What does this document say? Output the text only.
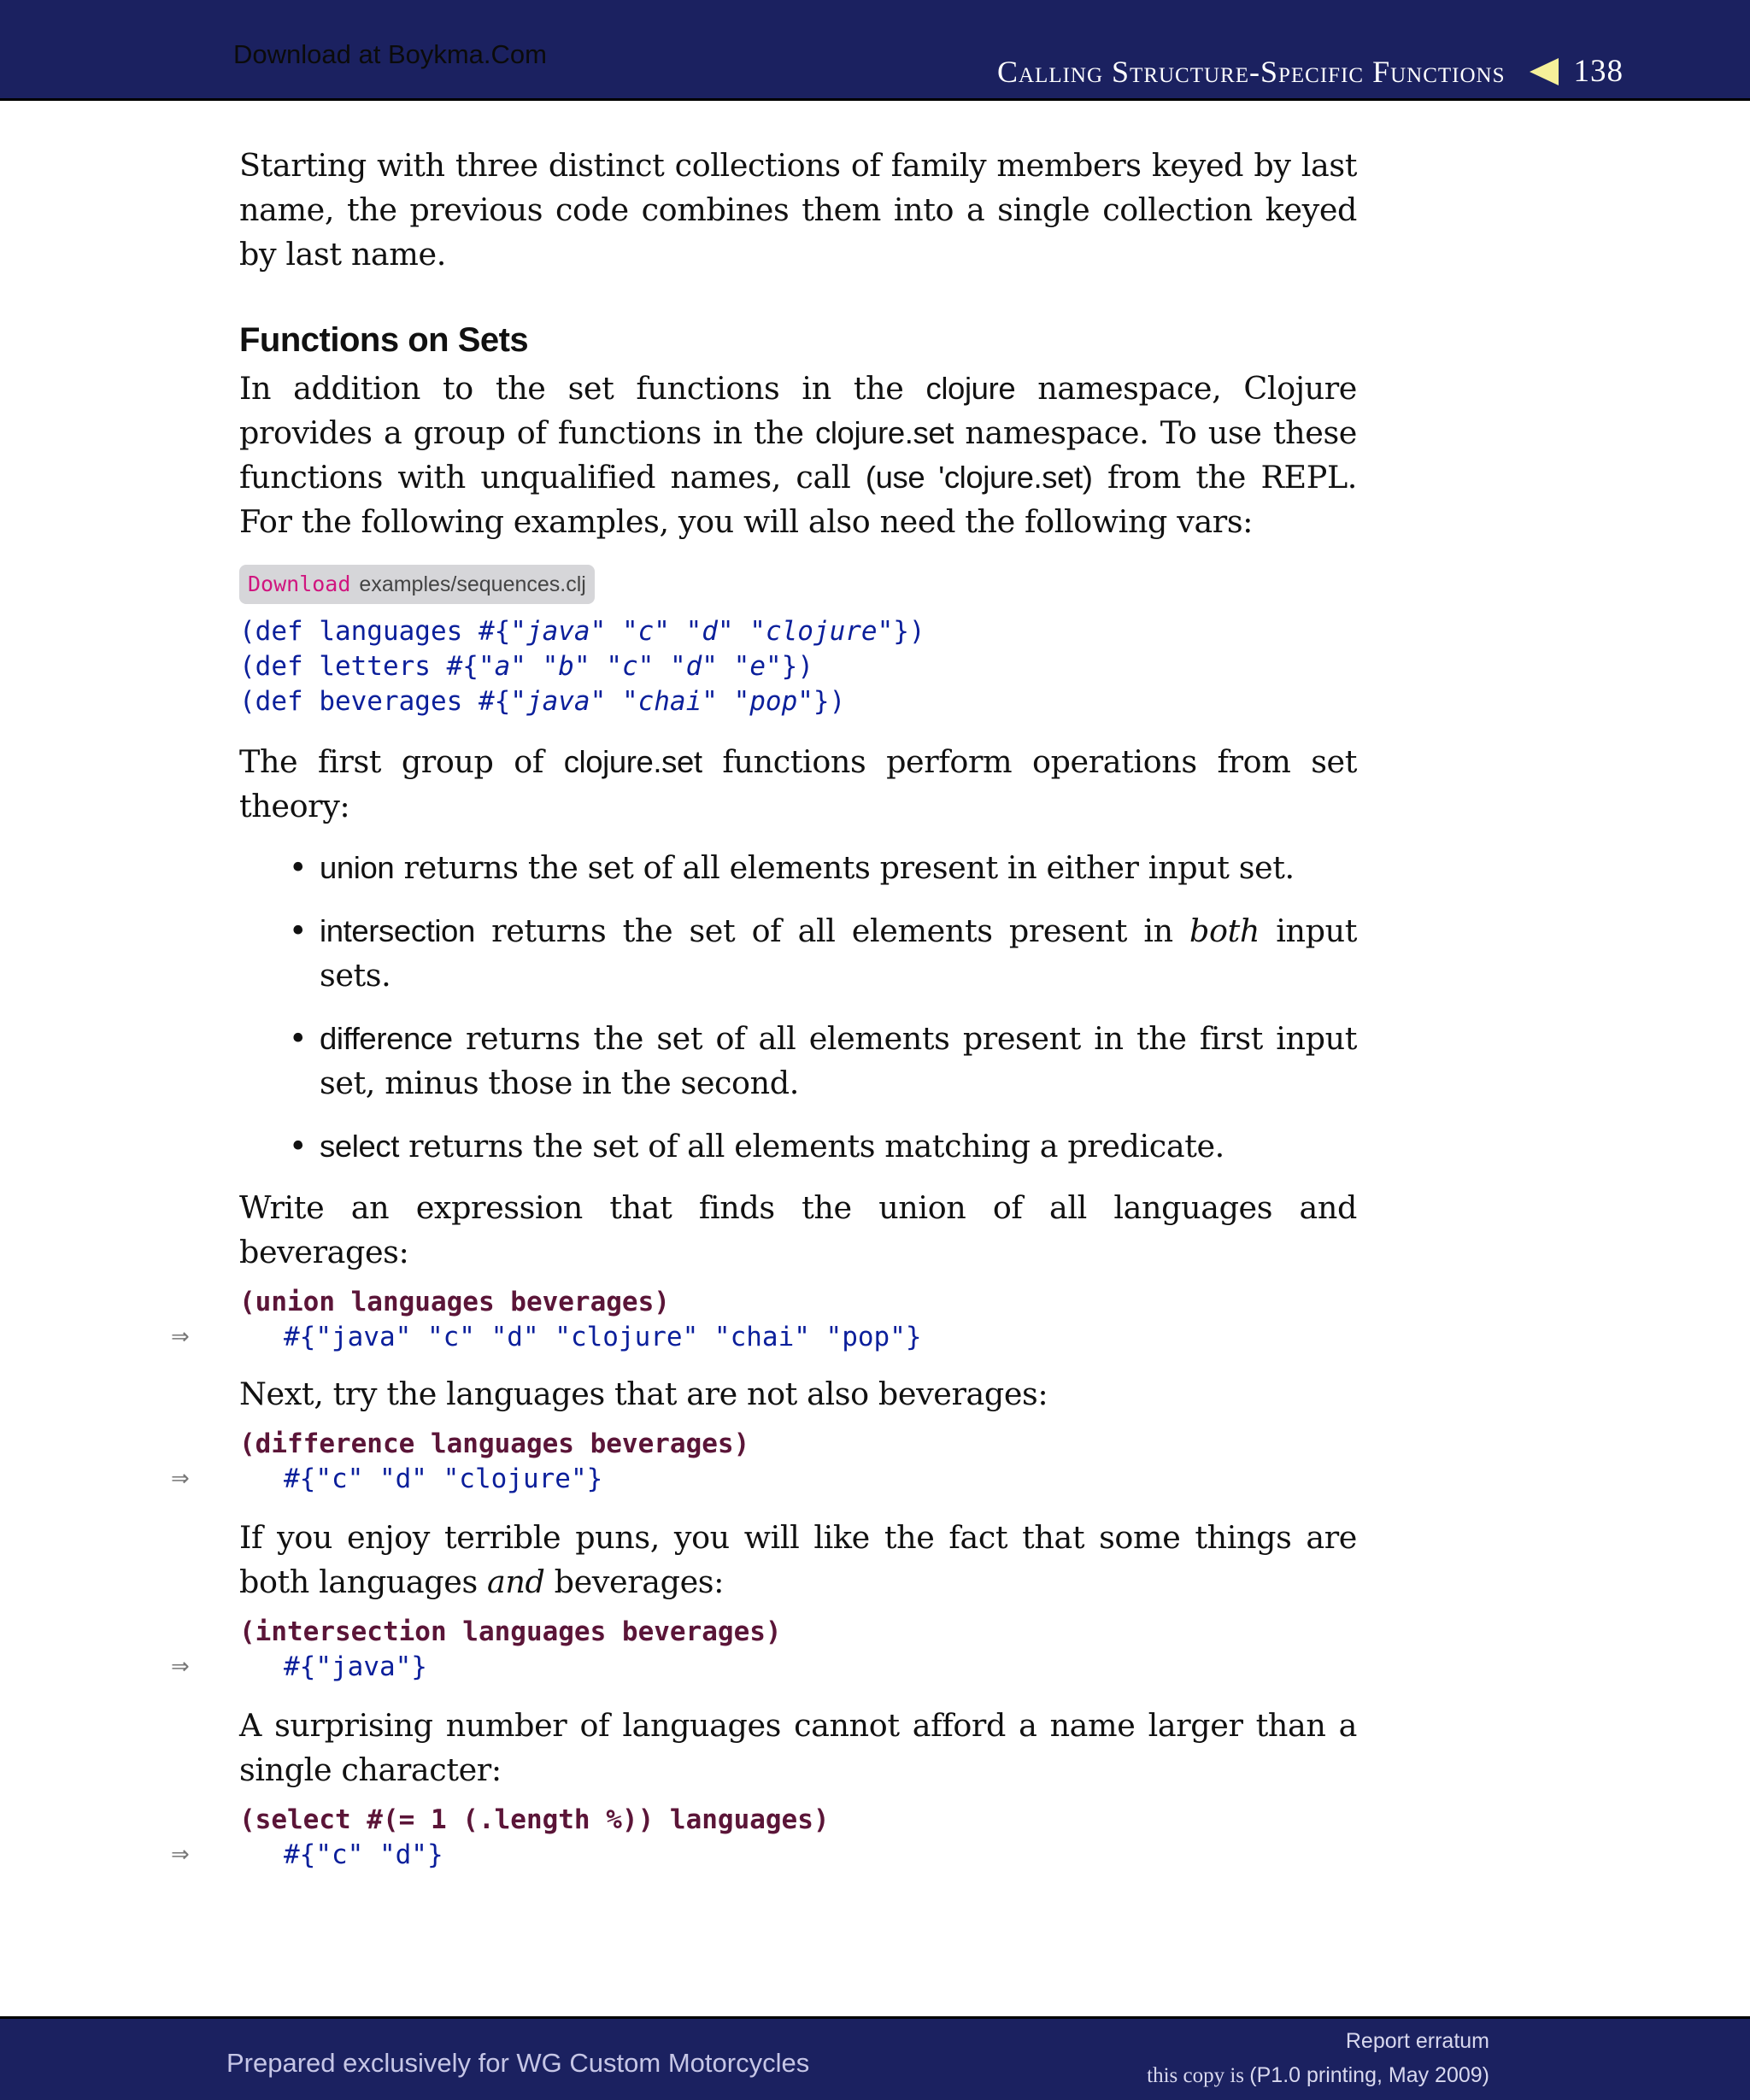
Download at Boykma.Com	Calling Structure-Specific Functions 138

Starting with three distinct collections of family members keyed by last name, the previous code combines them into a single collection keyed by last name.

Functions on Sets

In addition to the set functions in the clojure namespace, Clojure provides a group of functions in the clojure.set namespace. To use these functions with unqualified names, call (use 'clojure.set) from the REPL. For the following examples, you will also need the following vars:

Download examples/sequences.clj
(def languages #{"java" "c" "d" "clojure"})
(def letters #{"a" "b" "c" "d" "e"})
(def beverages #{"java" "chai" "pop"})

The first group of clojure.set functions perform operations from set theory:

• union returns the set of all elements present in either input set.
• intersection returns the set of all elements present in both input sets.
• difference returns the set of all elements present in the first input set, minus those in the second.
• select returns the set of all elements matching a predicate.

Write an expression that finds the union of all languages and beverages:

(union languages beverages)
⇒	#{"java" "c" "d" "clojure" "chai" "pop"}

Next, try the languages that are not also beverages:

(difference languages beverages)
⇒	#{"c" "d" "clojure"}

If you enjoy terrible puns, you will like the fact that some things are both languages and beverages:

(intersection languages beverages)
⇒	#{"java"}

A surprising number of languages cannot afford a name larger than a single character:

(select #(= 1 (.length %)) languages)
⇒	#{"c" "d"}
Prepared exclusively for WG Custom Motorcycles
Report erratum
this copy is (P1.0 printing, May 2009)
